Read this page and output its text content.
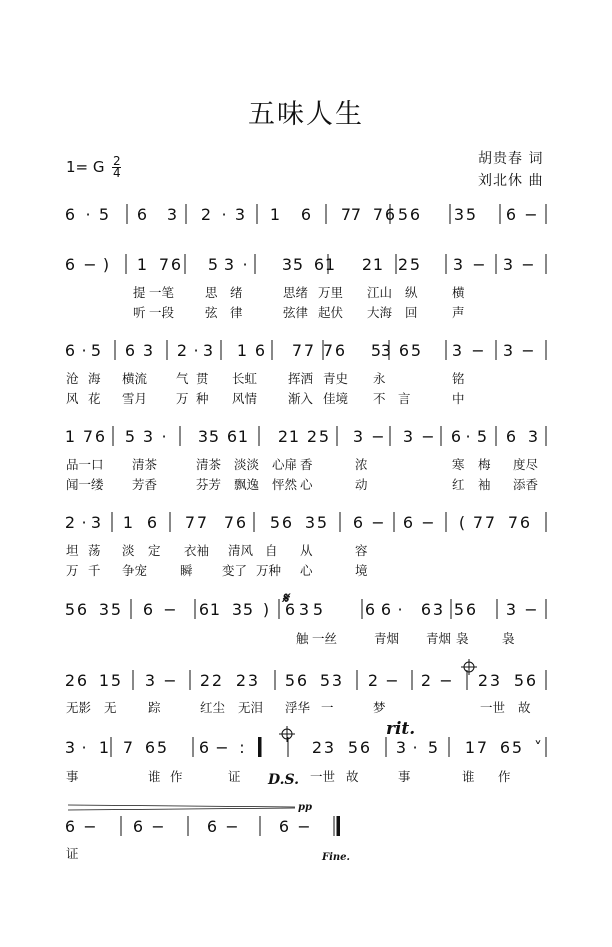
五味人生
1= G $\frac{2}{4}$	胡贵春 词
刘北休 曲
6 · 5 6 3 2 · 3 1 6 7 7 7 6 5 6 3 5 6 −
6 − ) 1 7 6 5 3 · 3 5 6 1 2 1 2 5 3 − 3 −
提 一笔 思 绪	思绪 万里 江山 纵	横
听 一段 弦 律	弦律 起伏 大海 回	声
6 · 5 6 3 2 · 3 1 6 7 7 7 6 5 3 6 5 3 − 3 −
沧 海 横流 气 贯 长虹 挥洒 青史 永	铭
风 花 雪月 万 种 风情 渐入 佳境 不 言	中
1 7 6 5 3 · 3 5 6 1 2 1 2 5 3 − 3 − 6 · 5 6 3
品一口 清茶	清茶 淡淡 心扉 香	浓	寒 梅 度尽
闻一缕 芳香	芬芳 飘逸 怦然 心	动	红 袖 添香
2 · 3 1 6 7 7 7 6 5 6 3 5 6 − 6 − ( 7 7 7 6
坦 荡 淡 定 衣袖 清风 自 从	容
万 千 争宠	瞬 变了 万种 心	境
5 6 3 5 6 − 6 1 3 5 ) 6 3 5	6 6 · 6 3 5 6 3 −
触 一丝	青烟 青烟 袅	袅
2 6 1 5 3 − 2 2 2 3 5 6 5 3 2 − 2 − 2 3 5 6
无影 无	踪	红尘 无泪 浮华 一	梦	一世 故
3 · 1 7 6 5 6 − :	2 3 5 6 3 · 5 1 7 6 5 ˅
事	谁 作	证	一世 故	事	谁 作
6 − 6 −	6 −	6 −
证
D.S.
rit.
Fine.
pp
𝄋
